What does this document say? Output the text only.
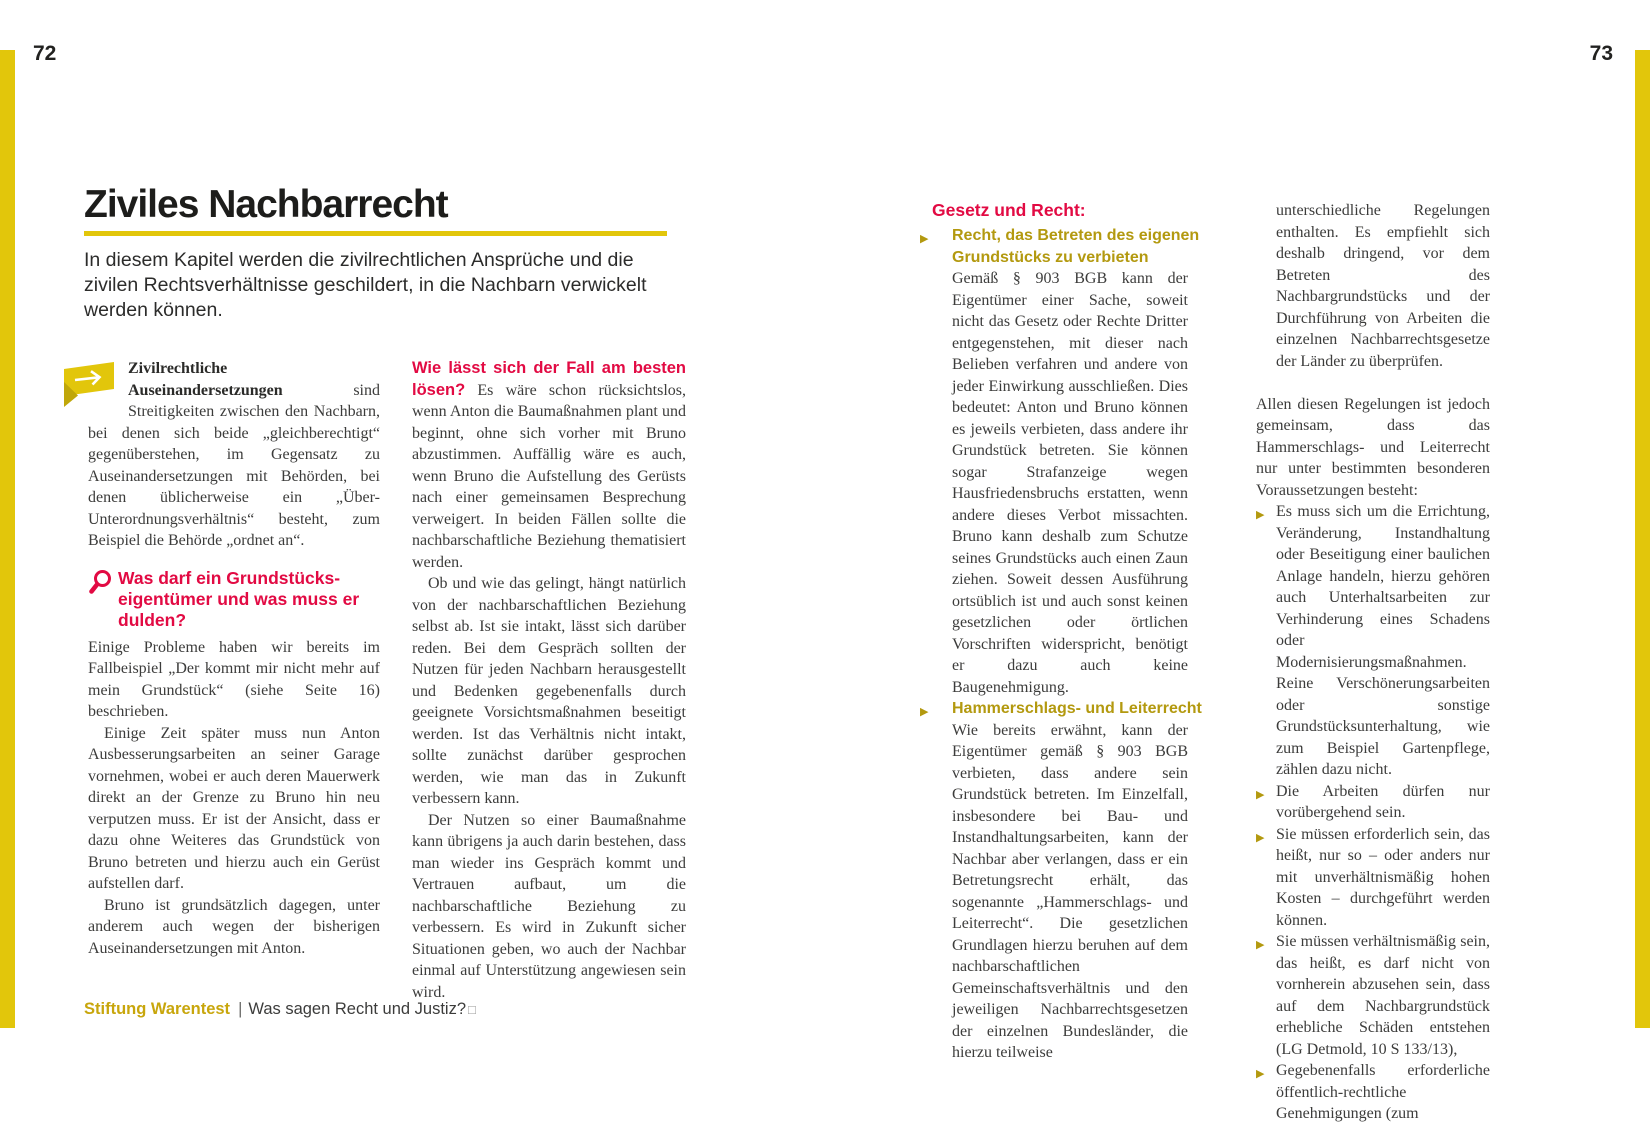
72	73
Ziviles Nachbarrecht
In diesem Kapitel werden die zivilrechtlichen Ansprüche und die zivilen Rechtsverhältnisse geschildert, in die Nachbarn verwickelt werden können.

Zivilrechtliche Auseinandersetzungen sind Streitigkeiten zwischen den Nachbarn, bei denen sich beide „gleichberechtigt“ gegenüberstehen, im Gegensatz zu Auseinandersetzungen mit Behörden, bei denen üblicherweise ein „Über-Unterordnungsverhältnis“ besteht, zum Beispiel die Behörde „ordnet an“.

Was darf ein Grundstückseigentümer und was muss er dulden?

Einige Probleme haben wir bereits im Fallbeispiel „Der kommt mir nicht mehr auf mein Grundstück“ (siehe Seite 16) beschrieben.

Einige Zeit später muss nun Anton Ausbesserungsarbeiten an seiner Garage vornehmen, wobei er auch deren Mauerwerk direkt an der Grenze zu Bruno hin neu verputzen muss. Er ist der Ansicht, dass er dazu ohne Weiteres das Grundstück von Bruno betreten und hierzu auch ein Gerüst aufstellen darf.

Bruno ist grundsätzlich dagegen, unter anderem auch wegen der bisherigen Auseinandersetzungen mit Anton.

Wie lässt sich der Fall am besten lösen? Es wäre schon rücksichtslos, wenn Anton die Baumaßnahmen plant und beginnt, ohne sich vorher mit Bruno abzustimmen. Auffällig wäre es auch, wenn Bruno die Aufstellung des Gerüsts nach einer gemeinsamen Besprechung verweigert. In beiden Fällen sollte die nachbarschaftliche Beziehung thematisiert werden.

Ob und wie das gelingt, hängt natürlich von der nachbarschaftlichen Beziehung selbst ab. Ist sie intakt, lässt sich darüber reden. Bei dem Gespräch sollten der Nutzen für jeden Nachbarn herausgestellt und Bedenken gegebenenfalls durch geeignete Vorsichtsmaßnahmen beseitigt werden. Ist das Verhältnis nicht intakt, sollte zunächst darüber gesprochen werden, wie man das in Zukunft verbessern kann.

Der Nutzen so einer Baumaßnahme kann übrigens ja auch darin bestehen, dass man wieder ins Gespräch kommt und Vertrauen aufbaut, um die nachbarschaftliche Beziehung zu verbessern. Es wird in Zukunft sicher Situationen geben, wo auch der Nachbar einmal auf Unterstützung angewiesen sein wird.

Gesetz und Recht:
▶ Recht, das Betreten des eigenen Grundstücks zu verbieten

Gemäß § 903 BGB kann der Eigentümer einer Sache, soweit nicht das Gesetz oder Rechte Dritter entgegenstehen, mit dieser nach Belieben verfahren und andere von jeder Einwirkung ausschließen. Dies bedeutet: Anton und Bruno können es jeweils verbieten, dass andere ihr Grundstück betreten. Sie können sogar Strafanzeige wegen Hausfriedensbruchs erstatten, wenn andere dieses Verbot missachten. Bruno kann deshalb zum Schutze seines Grundstücks auch einen Zaun ziehen. Soweit dessen Ausführung ortsüblich ist und auch sonst keinen gesetzlichen oder örtlichen Vorschriften widerspricht, benötigt er dazu auch keine Baugenehmigung.

▶ Hammerschlags- und Leiterrecht

Wie bereits erwähnt, kann der Eigentümer gemäß § 903 BGB verbieten, dass andere sein Grundstück betreten. Im Einzelfall, insbesondere bei Bau- und Instandhaltungsarbeiten, kann der Nachbar aber verlangen, dass er ein Betretungsrecht erhält, das sogenannte „Hammerschlags- und Leiterrecht“. Die gesetzlichen Grundlagen hierzu beruhen auf dem nachbarschaftlichen Gemeinschaftsverhältnis und den jeweiligen Nachbarrechtsgesetzen der einzelnen Bundesländer, die hierzu teilweise

unterschiedliche Regelungen enthalten. Es empfiehlt sich deshalb dringend, vor dem Betreten des Nachbargrundstücks und der Durchführung von Arbeiten die einzelnen Nachbarrechtsgesetze der Länder zu überprüfen.

Allen diesen Regelungen ist jedoch gemeinsam, dass das Hammerschlags- und Leiterrecht nur unter bestimmten besonderen Voraussetzungen besteht:

▶ Es muss sich um die Errichtung, Veränderung, Instandhaltung oder Beseitigung einer baulichen Anlage handeln, hierzu gehören auch Unterhaltsarbeiten zur Verhinderung eines Schadens oder Modernisierungsmaßnahmen. Reine Verschönerungsarbeiten oder sonstige Grundstücksunterhaltung, wie zum Beispiel Gartenpflege, zählen dazu nicht.

▶ Die Arbeiten dürfen nur vorübergehend sein.

▶ Sie müssen erforderlich sein, das heißt, nur so – oder anders nur mit unverhältnismäßig hohen Kosten – durchgeführt werden können.

▶ Sie müssen verhältnismäßig sein, das heißt, es darf nicht von vornherein abzusehen sein, dass auf dem Nachbargrundstück erhebliche Schäden entstehen (LG Detmold, 10 S 133/13),

▶ Gegebenenfalls erforderliche öffentlich-rechtliche Genehmigungen (zum

Stiftung Warentest | Was sagen Recht und Justiz? □
